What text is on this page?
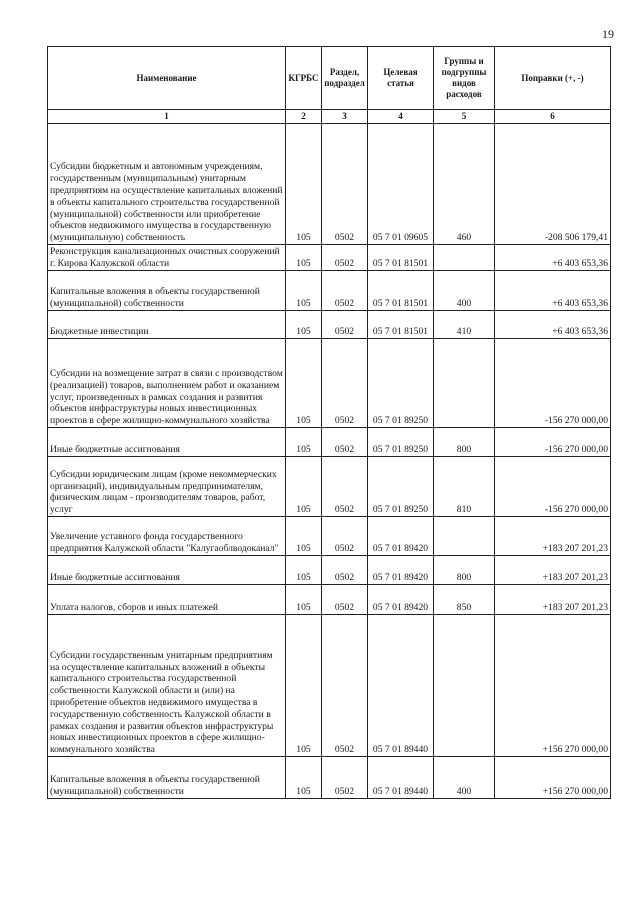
19
Наименование	КГРБС	Раздел, подраздел	Целевая статья	Группы и подгруппы видов расходов	Поправки (+, -)
1	2	3	4	5	6
Субсидии бюджетным и автономным учреждениям, государственным (муниципальным) унитарным предприятиям на осуществление капитальных вложений в объекты капитального строительства государственной (муниципальной) собственности или приобретение объектов недвижимого имущества в государственную (муниципальную) собственность	105	0502	05 7 01 09605	460	-208 506 179,41
Реконструкция канализационных очистных сооружений г. Кирова Калужской области	105	0502	05 7 01 81501		+6 403 653,36
Капитальные вложения в объекты государственной (муниципальной) собственности	105	0502	05 7 01 81501	400	+6 403 653,36
Бюджетные инвестиции	105	0502	05 7 01 81501	410	+6 403 653,36
Субсидии на возмещение затрат в связи с производством (реализацией) товаров, выполнением работ и оказанием услуг, произведенных в рамках создания и развития объектов инфраструктуры новых инвестиционных проектов в сфере жилищно-коммунального хозяйства	105	0502	05 7 01 89250		-156 270 000,00
Иные бюджетные ассигнования	105	0502	05 7 01 89250	800	-156 270 000,00
Субсидии юридическим лицам (кроме некоммерческих организаций), индивидуальным предпринимателям, физическим лицам - производителям товаров, работ, услуг	105	0502	05 7 01 89250	810	-156 270 000,00
Увеличение уставного фонда государственного предприятия Калужской области "Калугаоблводоканал"	105	0502	05 7 01 89420		+183 207 201,23
Иные бюджетные ассигнования	105	0502	05 7 01 89420	800	+183 207 201,23
Уплата налогов, сборов и иных платежей	105	0502	05 7 01 89420	850	+183 207 201,23
Субсидии государственным унитарным предприятиям на осуществление капитальных вложений в объекты капитального строительства государственной собственности Калужской области и (или) на приобретение объектов недвижимого имущества в государственную собственность Калужской области в рамках создания и развития объектов инфраструктуры новых инвестиционных проектов в сфере жилищно-коммунального хозяйства	105	0502	05 7 01 89440		+156 270 000,00
Капитальные вложения в объекты государственной (муниципальной) собственности	105	0502	05 7 01 89440	400	+156 270 000,00
